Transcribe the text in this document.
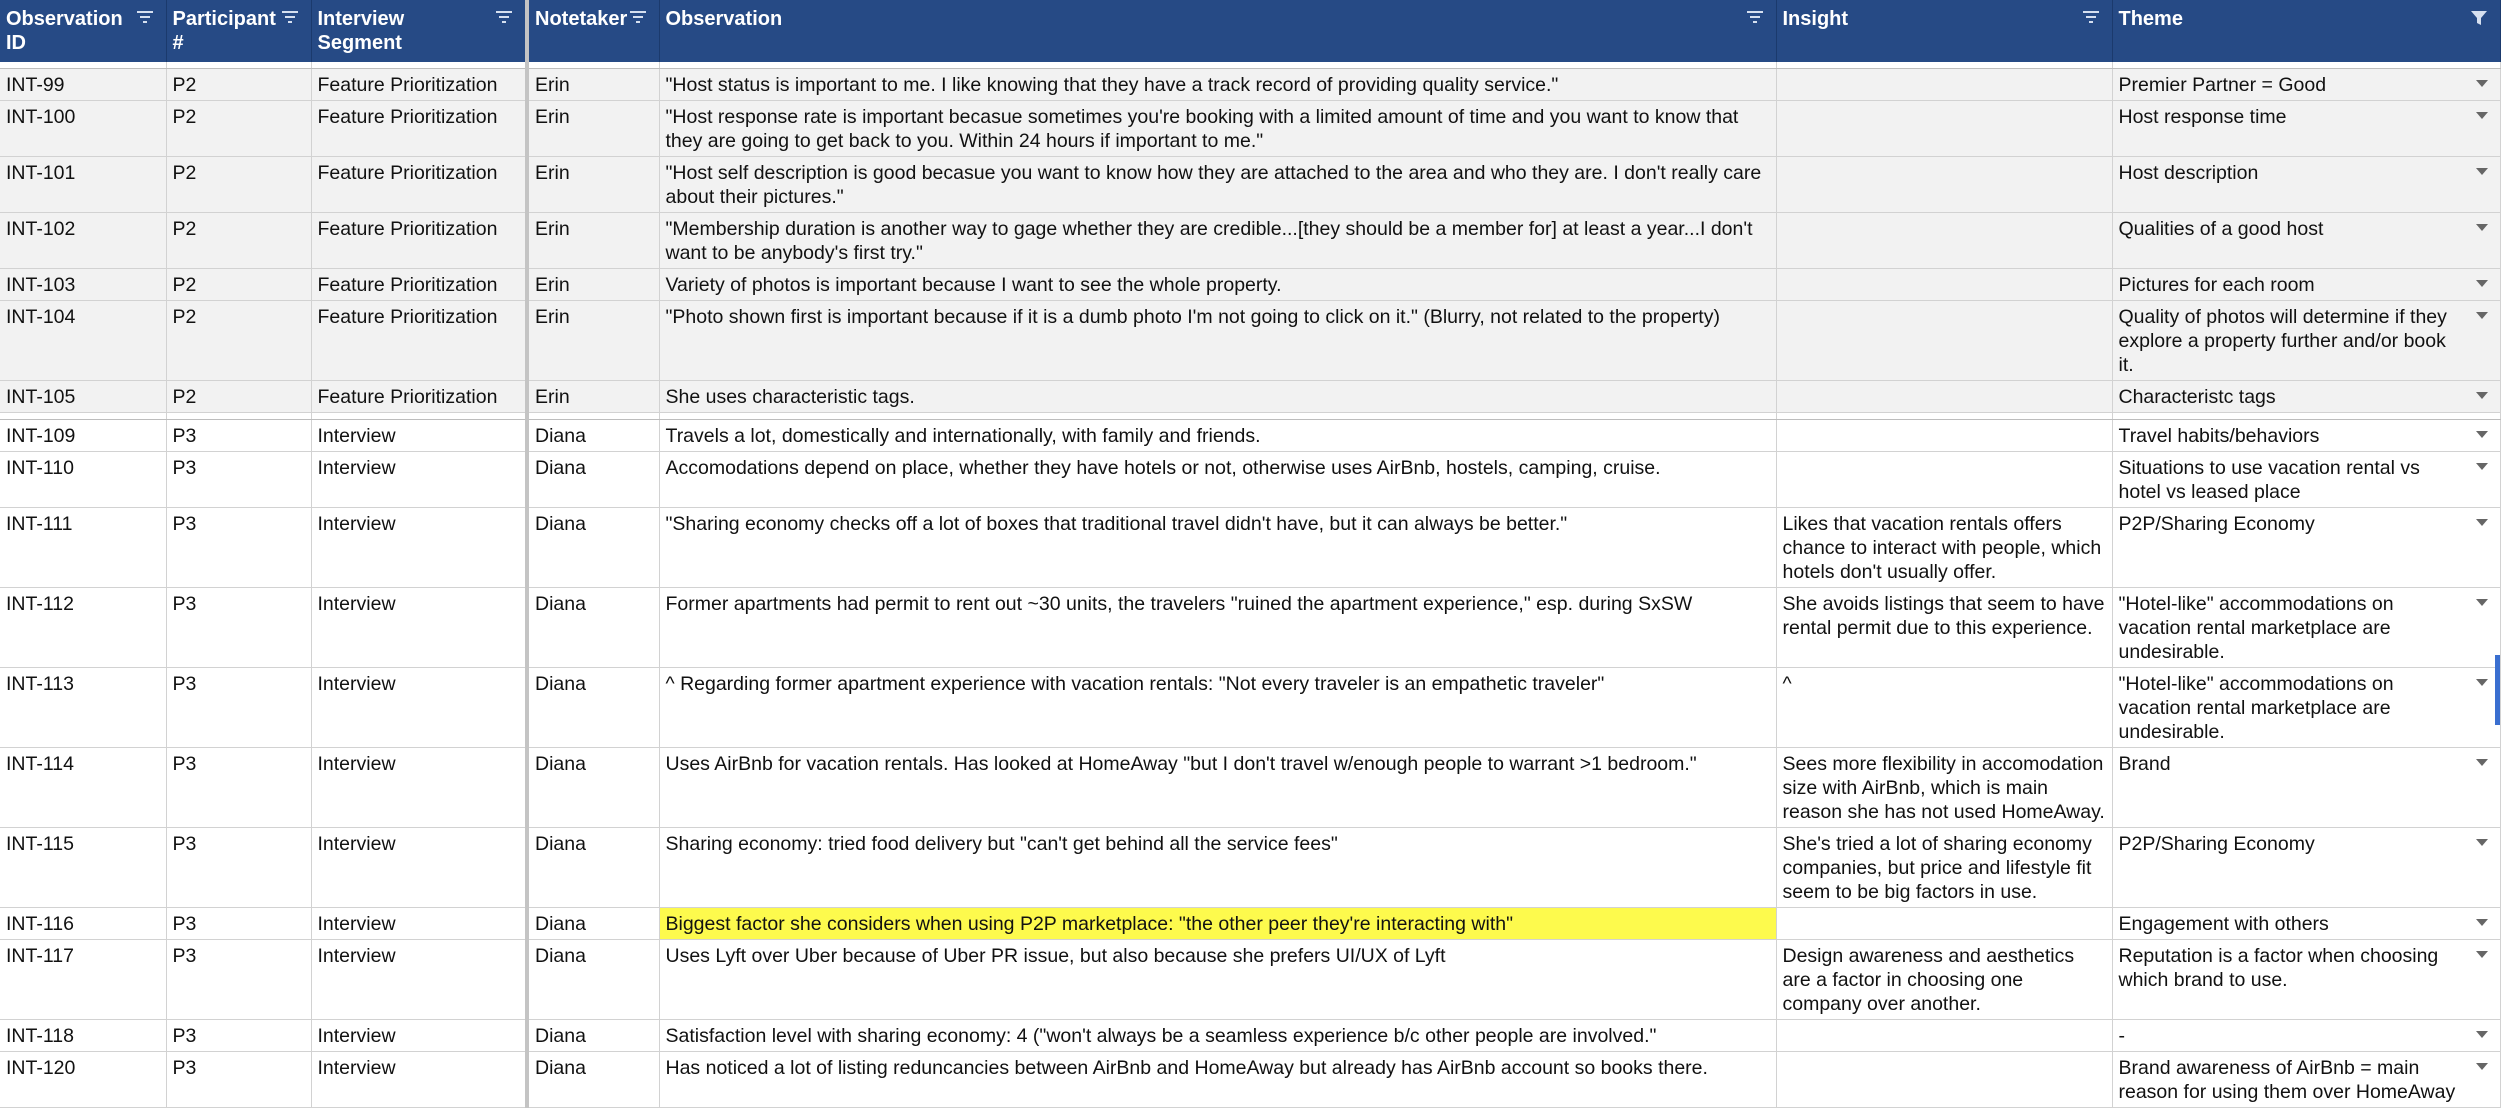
Observation ID	Participant #	Interview Segment	Notetaker	Observation	Insight	Theme

INT-99	P2	Feature Prioritization	Erin	"Host status is important to me. I like knowing that they have a track record of providing quality service."		Premier Partner = Good

INT-100	P2	Feature Prioritization	Erin	"Host response rate is important becasue sometimes you're booking with a limited amount of time and you want to know that they are going to get back to you. Within 24 hours if important to me."		Host response time

INT-101	P2	Feature Prioritization	Erin	"Host self description is good becasue you want to know how they are attached to the area and who they are. I don't really care about their pictures."		Host description

INT-102	P2	Feature Prioritization	Erin	"Membership duration is another way to gage whether they are credible...[they should be a member for] at least a year...I don't want to be anybody's first try."		Qualities of a good host

INT-103	P2	Feature Prioritization	Erin	Variety of photos is important because I want to see the whole property.		Pictures for each room

INT-104	P2	Feature Prioritization	Erin	"Photo shown first is important because if it is a dumb photo I'm not going to click on it." (Blurry, not related to the property)		Quality of photos will determine if they explore a property further and/or book it.

INT-105	P2	Feature Prioritization	Erin	She uses characteristic tags.		Characteristc tags

INT-109	P3	Interview	Diana	Travels a lot, domestically and internationally, with family and friends.		Travel habits/behaviors

INT-110	P3	Interview	Diana	Accomodations depend on place, whether they have hotels or not, otherwise uses AirBnb, hostels, camping, cruise.		Situations to use vacation rental vs hotel vs leased place

INT-111	P3	Interview	Diana	"Sharing economy checks off a lot of boxes that traditional travel didn't have, but it can always be better."	Likes that vacation rentals offers chance to interact with people, which hotels don't usually offer.	P2P/Sharing Economy

INT-112	P3	Interview	Diana	Former apartments had permit to rent out ~30 units, the travelers "ruined the apartment experience," esp. during SxSW	She avoids listings that seem to have rental permit due to this experience.	"Hotel-like" accommodations on vacation rental marketplace are undesirable.

INT-113	P3	Interview	Diana	^ Regarding former apartment experience with vacation rentals: "Not every traveler is an empathetic traveler"	^	"Hotel-like" accommodations on vacation rental marketplace are undesirable.

INT-114	P3	Interview	Diana	Uses AirBnb for vacation rentals. Has looked at HomeAway "but I don't travel w/enough people to warrant >1 bedroom."	Sees more flexibility in accomodation size with AirBnb, which is main reason she has not used HomeAway.	Brand

INT-115	P3	Interview	Diana	Sharing economy: tried food delivery but "can't get behind all the service fees"	She's tried a lot of sharing economy companies, but price and lifestyle fit seem to be big factors in use.	P2P/Sharing Economy

INT-116	P3	Interview	Diana	Biggest factor she considers when using P2P marketplace: "the other peer they're interacting with"		Engagement with others

INT-117	P3	Interview	Diana	Uses Lyft over Uber because of Uber PR issue, but also because she prefers UI/UX of Lyft	Design awareness and aesthetics are a factor in choosing one company over another.	Reputation is a factor when choosing which brand to use.

INT-118	P3	Interview	Diana	Satisfaction level with sharing economy: 4 ("won't always be a seamless experience b/c other people are involved."		-

INT-120	P3	Interview	Diana	Has noticed a lot of listing reduncancies between AirBnb and HomeAway but already has AirBnb account so books there.		Brand awareness of AirBnb = main reason for using them over HomeAway
